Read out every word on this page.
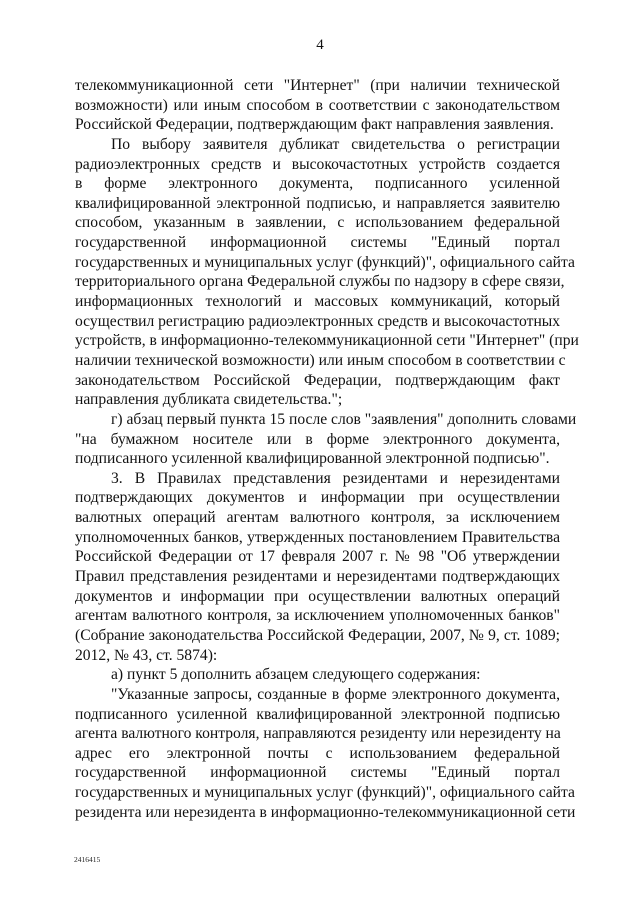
4
телекоммуникационной сети "Интернет" (при наличии технической
возможности) или иным способом в соответствии с законодательством
Российской Федерации, подтверждающим факт направления заявления.
По выбору заявителя дубликат свидетельства о регистрации
радиоэлектронных средств и высокочастотных устройств создается
в форме электронного документа, подписанного усиленной
квалифицированной электронной подписью, и направляется заявителю
способом, указанным в заявлении, с использованием федеральной
государственной информационной системы "Единый портал
государственных и муниципальных услуг (функций)", официального сайта
территориального органа Федеральной службы по надзору в сфере связи,
информационных технологий и массовых коммуникаций, который
осуществил регистрацию радиоэлектронных средств и высокочастотных
устройств, в информационно-телекоммуникационной сети "Интернет" (при
наличии технической возможности) или иным способом в соответствии с
законодательством Российской Федерации, подтверждающим факт
направления дубликата свидетельства.";
г) абзац первый пункта 15 после слов "заявления" дополнить словами
"на бумажном носителе или в форме электронного документа,
подписанного усиленной квалифицированной электронной подписью".
3. В Правилах представления резидентами и нерезидентами
подтверждающих документов и информации при осуществлении
валютных операций агентам валютного контроля, за исключением
уполномоченных банков, утвержденных постановлением Правительства
Российской Федерации от 17 февраля 2007 г. № 98 "Об утверждении
Правил представления резидентами и нерезидентами подтверждающих
документов и информации при осуществлении валютных операций
агентам валютного контроля, за исключением уполномоченных банков"
(Собрание законодательства Российской Федерации, 2007, № 9, ст. 1089;
2012, № 43, ст. 5874):
а) пункт 5 дополнить абзацем следующего содержания:
"Указанные запросы, созданные в форме электронного документа,
подписанного усиленной квалифицированной электронной подписью
агента валютного контроля, направляются резиденту или нерезиденту на
адрес его электронной почты с использованием федеральной
государственной информационной системы "Единый портал
государственных и муниципальных услуг (функций)", официального сайта
резидента или нерезидента в информационно-телекоммуникационной сети
2416415
